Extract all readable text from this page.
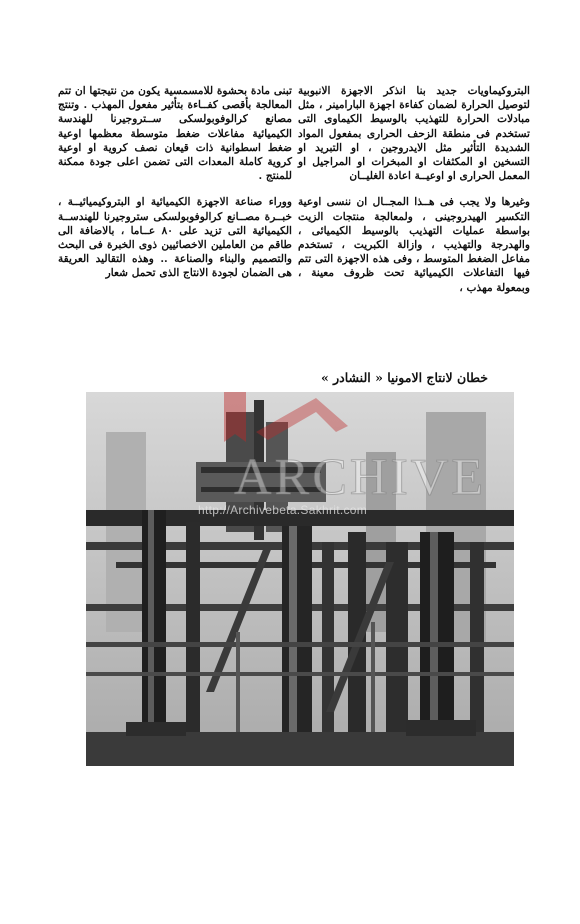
البتروكيماويات جديد بنا انذكر الاجهزة الانبوبية لتوصيل الحرارة لضمان كفاءة اجهزة البارامينر ، مثل مبادلات الحرارة للتهذيب بالوسيط الكيماوى التى تستخدم فى منطقة الزحف الحرارى بمفعول المواد الشديدة التأثير مثل الايدروجين ، او التبريد او التسخين او المكثفات او المبخرات او المراجيل او المعمل الحرارى او اوعيــة اعادة الغليــان

وغيرها ولا يجب فى هــذا المجــال ان ننسى اوعية التكسير الهيدروجينى ، ولمعالجة منتجات الزيت بواسطة عمليات التهذيب بالوسيط الكيميائى ، والهدرجة والتهذيب ، وازالة الكبريت ، تستخدم مفاعل الضغط المتوسط ، وفى هذه الاجهزة التى تتم فيها التفاعلات الكيميائية تحت ظروف معينة ، وبمعولة مهذب ،

تبنى مادة بحشوة للامسمسية يكون من نتيجتها ان تتم المعالجة بأقصى كفــاءة بتأثير مفعول المهذب . وتنتج مصانع كرالوفوبولسكى ســتروجيرنا للهندسة الكيميائية مفاعلات ضغط متوسطة معظمها اوعية ضغط اسطوانية ذات قيعان نصف كروية او اوعية كروية كاملة المعدات التى تضمن اعلى جودة ممكنة للمنتج .

ووراء صناعة الاجهزة الكيميائية او البتروكيميائيــة ، خبــرة مصــانع كرالوفوبولسكى ستروجيرنا للهندســة الكيميائية التى تزيد على ٨٠ عــاما ، بالاضافة الى طاقم من العاملين الاخصائيين ذوى الخبرة فى البحث والتصميم والبناء والصناعة .. وهذه التقاليد العريقة هى الضمان لجودة الانتاج الذى تحمل شعار

خطان لانتاج الامونيا « النشادر »
ARCHIVE
http://Archivebeta.Sakhrit.com
